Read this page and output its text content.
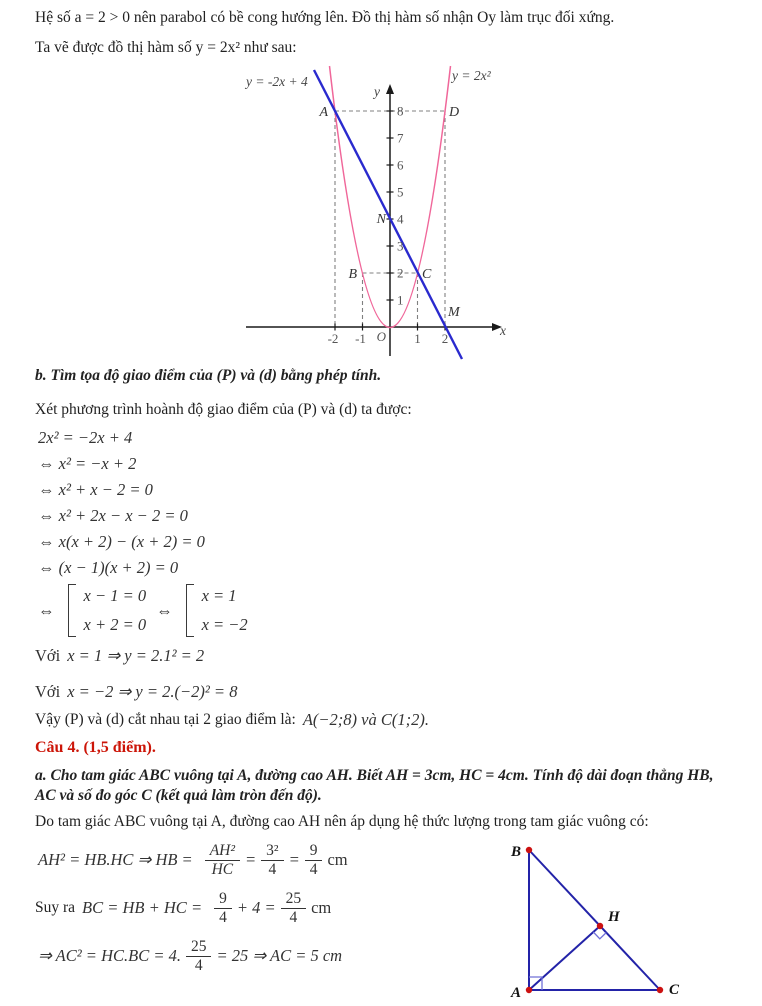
Hệ số a = 2 > 0 nên parabol có bề cong hướng lên. Đồ thị hàm số nhận Oy làm trục đối xứng.
Ta vẽ được đồ thị hàm số y = 2x² như sau:
y = -2x + 4	y = 2x²
y
x
8
7
6
5
4
3
2
1
-2 -1	1 2
O
A	D
N
B	C
M
b. Tìm tọa độ giao điểm của (P) và (d) bằng phép tính.
Xét phương trình hoành độ giao điểm của (P) và (d) ta được:
2x² = −2x + 4
⇔ x² = −x + 2
⇔ x² + x − 2 = 0
⇔ x² + 2x − x − 2 = 0
⇔ x(x + 2) − (x + 2) = 0
⇔ (x − 1)(x + 2) = 0
⇔
x − 1 = 0
x + 2 = 0
⇔
x = 1
x = −2
Với x = 1 ⇒ y = 2.1² = 2
Với x = −2 ⇒ y = 2.(−2)² = 8
Vậy (P) và (d) cắt nhau tại 2 giao điểm là: A(−2;8) và C(1;2).
Câu 4. (1,5 điểm).
a. Cho tam giác ABC vuông tại A, đường cao AH. Biết AH = 3cm, HC = 4cm. Tính độ dài đoạn thẳng HB,
AC và số đo góc C (kết quả làm tròn đến độ).
Do tam giác ABC vuông tại A, đường cao AH nên áp dụng hệ thức lượng trong tam giác vuông có:
AH² = HB.HC ⇒ HB = $\frac{\text{AH²}}{HC} = \frac{\text{3²}}{4} = \frac{9}{4}$ cm
Suy ra BC = HB + HC = $\frac{9}{4} + 4 = \frac{25}{4}$ cm
⇒ AC² = HC.BC = 4. $\frac{25}{4} = 25$ ⇒ AC = 5 cm
B
H
A	C
